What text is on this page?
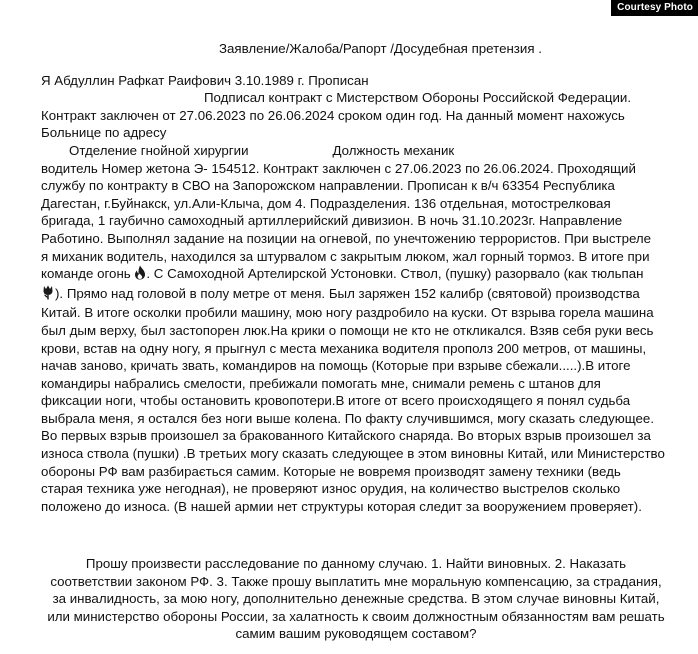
Courtesy Photo
Заявление/Жалоба/Рапорт /Досудебная претензия .
Я Абдуллин Рафкат Раифович 3.10.1989 г. Прописан
Подписал контракт с Мистерством Обороны Российской Федерации.
Контракт заключен от 27.06.2023 по 26.06.2024 сроком один год. На данный момент нахожусь
Больнице по адресу
Отделение гнойной хирургии	Должность механик
водитель Номер жетона Э- 154512. Контракт заключен с 27.06.2023 по 26.06.2024. Проходящий
службу по контракту в СВО на Запорожском направлении. Прописан к в/ч 63354 Республика
Дагестан, г.Буйнакск, ул.Али-Клыча, дом 4. Подразделения. 136 отдельная, мотострелковая
бригада, 1 гаубично самоходный артиллерийский дивизион. В ночь 31.10.2023г. Направление
Работино. Выполнял задание на позиции на огневой, по унечтожению террористов. При выстреле
я миханик водитель, находился за штурвалом с закрытым люком, жал горный тормоз. В итоге при
команде огонь . С Самоходной Артелирской Устоновки. Ствол, (пушку) разорвало (как тюльпан
). Прямо над головой в полу метре от меня. Был заряжен 152 калибр (святовой) производства
Китай. В итоге осколки пробили машину, мою ногу раздробило на куски. От взрыва горела машина
был дым верху, был застопорен люк.На крики о помощи не кто не откликался. Взяв себя руки весь
крови, встав на одну ногу, я прыгнул с места механика водителя прополз 200 метров, от машины,
начав заново, кричать звать, командиров на помощь (Которые при взрыве сбежали.....).В итоге
командиры набрались смелости, пребижали помогать мне, снимали ремень с штанов для
фиксации ноги, чтобы остановить кровопотери.В итоге от всего происходящего я понял судьба
выбрала меня, я остался без ноги выше колена. По факту случившимся, могу сказать следующее.
Во первых взрыв произошел за бракованного Китайского снаряда. Во вторых взрыв произошел за
износа ствола (пушки) .В третьих могу сказать следующее в этом виновны Китай, или Министерство
обороны РФ вам разбирається самим. Которые не вовремя производят замену техники (ведь
старая техника уже негодная), не проверяют износ орудия, на количество выстрелов сколько
положено до износа. (В нашей армии нет структуры которая следит за вооружением проверяет).
Прошу произвести расследование по данному случаю. 1. Найти виновных. 2. Наказать
соответствии законом РФ. 3. Также прошу выплатить мне моральную компенсацию, за страдания,
за инвалидность, за мою ногу, дополнительно денежные средства. В этом случае виновны Китай,
или министерство обороны России, за халатность к своим должностным обязанностям вам решать
самим вашим руководящем составом?
